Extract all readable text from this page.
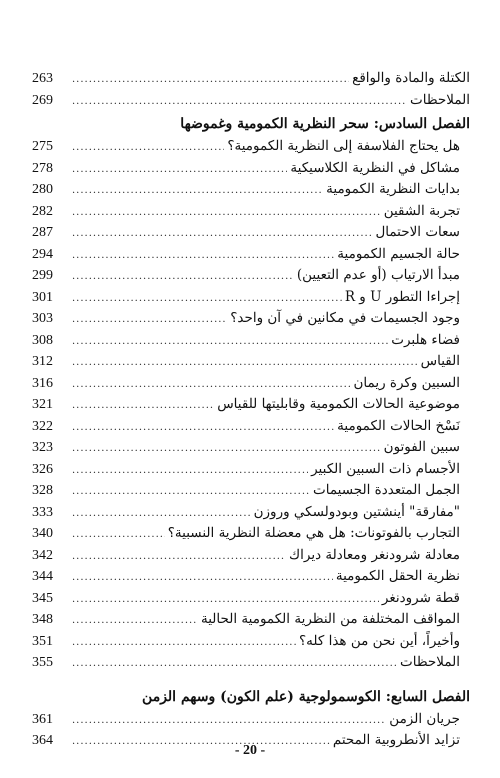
الكتلة والمادة والواقع
.....
263
الملاحظات
.....
269
الفصل السادس: سحر النظرية الكمومية وغموضها
هل يحتاج الفلاسفة إلى النظرية الكمومية؟
.....
275
مشاكل في النظرية الكلاسيكية
.....
278
بدايات النظرية الكمومية
.....
280
تجربة الشقين
.....
282
سعات الاحتمال
.....
287
حالة الجسيم الكمومية
.....
294
مبدأ الارتياب (أو عدم التعيين)
.....
299
إجراءا التطور U و R
.....
301
وجود الجسيمات في مكانين في آن واحد؟
.....
303
فضاء هلبرت
.....
308
القياس
.....
312
السبين وكرة ريمان
.....
316
موضوعية الحالات الكمومية وقابليتها للقياس
.....
321
نَسْخ الحالات الكمومية
.....
322
سبين الفوتون
.....
323
الأجسام ذات السبين الكبير
.....
326
الجمل المتعددة الجسيمات
.....
328
"مفارقة" أينشتين وبودولسكي وروزن
.....
333
التجارب بالفوتونات: هل هي معضلة النظرية النسبية؟
.....
340
معادلة شرودنغر ومعادلة ديراك
.....
342
نظرية الحقل الكمومية
.....
344
قطة شرودنغر
.....
345
المواقف المختلفة من النظرية الكمومية الحالية
.....
348
وأخيراً، أين نحن من هذا كله؟
.....
351
الملاحظات
.....
355
الفصل السابع: الكوسمولوجية (علم الكون) وسهم الزمن
جريان الزمن
.....
361
تزايد الأنطروبية المحتم
.....
364
- 20 -
